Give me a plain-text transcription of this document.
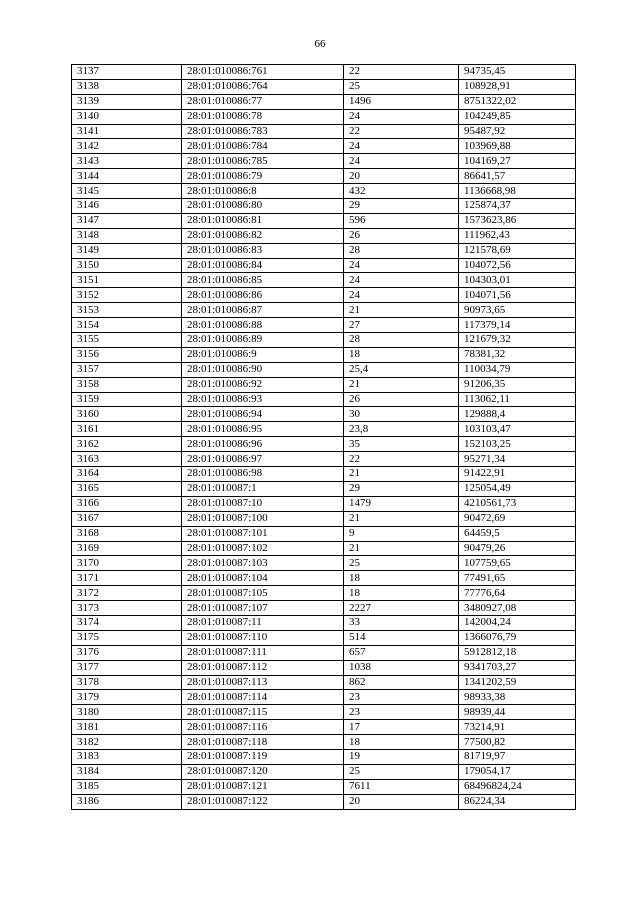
66
3137	28:01:010086:761	22	94735,45
3138	28:01:010086:764	25	108928,91
3139	28:01:010086:77	1496	8751322,02
3140	28:01:010086:78	24	104249,85
3141	28:01:010086:783	22	95487,92
3142	28:01:010086:784	24	103969,88
3143	28:01:010086:785	24	104169,27
3144	28:01:010086:79	20	86641,57
3145	28:01:010086:8	432	1136668,98
3146	28:01:010086:80	29	125874,37
3147	28:01:010086:81	596	1573623,86
3148	28:01:010086:82	26	111962,43
3149	28:01:010086:83	28	121578,69
3150	28:01:010086:84	24	104072,56
3151	28:01:010086:85	24	104303,01
3152	28:01:010086:86	24	104071,56
3153	28:01:010086:87	21	90973,65
3154	28:01:010086:88	27	117379,14
3155	28:01:010086:89	28	121679,32
3156	28:01:010086:9	18	78381,32
3157	28:01:010086:90	25,4	110034,79
3158	28:01:010086:92	21	91206,35
3159	28:01:010086:93	26	113062,11
3160	28:01:010086:94	30	129888,4
3161	28:01:010086:95	23,8	103103,47
3162	28:01:010086:96	35	152103,25
3163	28:01:010086:97	22	95271,34
3164	28:01:010086:98	21	91422,91
3165	28:01:010087:1	29	125054,49
3166	28:01:010087:10	1479	4210561,73
3167	28:01:010087:100	21	90472,69
3168	28:01:010087:101	9	64459,5
3169	28:01:010087:102	21	90479,26
3170	28:01:010087:103	25	107759,65
3171	28:01:010087:104	18	77491,65
3172	28:01:010087:105	18	77776,64
3173	28:01:010087:107	2227	3480927,08
3174	28:01:010087:11	33	142004,24
3175	28:01:010087:110	514	1366076,79
3176	28:01:010087:111	657	5912812,18
3177	28:01:010087:112	1038	9341703,27
3178	28:01:010087:113	862	1341202,59
3179	28:01:010087:114	23	98933,38
3180	28:01:010087:115	23	98939,44
3181	28:01:010087:116	17	73214,91
3182	28:01:010087:118	18	77500,82
3183	28:01:010087:119	19	81719,97
3184	28:01:010087:120	25	179054,17
3185	28:01:010087:121	7611	68496824,24
3186	28:01:010087:122	20	86224,34
